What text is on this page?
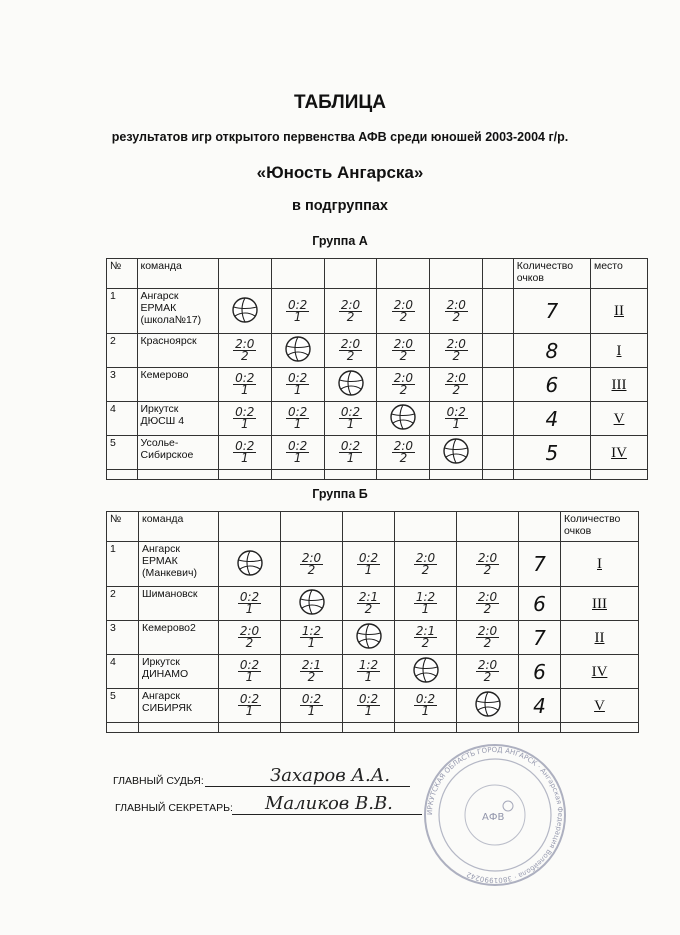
ТАБЛИЦА
результатов игр открытого первенства АФВ среди юношей 2003-2004 г/р.
«Юность Ангарска»
в подгруппах
Группа А
№	команда							Количество очков	место
1	Ангарск ЕРМАК (школа№17)		$\frac{0:2}{1}$	$\frac{2:0}{2}$	$\frac{2:0}{2}$	$\frac{2:0}{2}$		7	II
2	Красноярск	$\frac{2:0}{2}$		$\frac{2:0}{2}$	$\frac{2:0}{2}$	$\frac{2:0}{2}$		8	I
3	Кемерово	$\frac{0:2}{1}$	$\frac{0:2}{1}$		$\frac{2:0}{2}$	$\frac{2:0}{2}$		6	III
4	Иркутск ДЮСШ 4	$\frac{0:2}{1}$	$\frac{0:2}{1}$	$\frac{0:2}{1}$		$\frac{0:2}{1}$		4	V
5	Усолье-Сибирское	$\frac{0:2}{1}$	$\frac{0:2}{1}$	$\frac{0:2}{1}$	$\frac{2:0}{2}$			5	IV

Группа Б
№	команда							Количество очков
1	Ангарск ЕРМАК (Манкевич)		$\frac{2:0}{2}$	$\frac{0:2}{1}$	$\frac{2:0}{2}$	$\frac{2:0}{2}$	7	I
2	Шимановск	$\frac{0:2}{1}$		$\frac{2:1}{2}$	$\frac{1:2}{1}$	$\frac{2:0}{2}$	6	III
3	Кемерово2	$\frac{2:0}{2}$	$\frac{1:2}{1}$		$\frac{2:1}{2}$	$\frac{2:0}{2}$	7	II
4	Иркутск ДИНАМО	$\frac{0:2}{1}$	$\frac{2:1}{2}$	$\frac{1:2}{1}$		$\frac{2:0}{2}$	6	IV
5	Ангарск СИБИРЯК	$\frac{0:2}{1}$	$\frac{0:2}{1}$	$\frac{0:2}{1}$	$\frac{0:2}{1}$		4	V

ГЛАВНЫЙ СУДЬЯ:	Захаров А.А.
ГЛАВНЫЙ СЕКРЕТАРЬ: Маликов В.В.	ИРКУТСКАЯ ОБЛАСТЬ ГОРОД АНГАРСК · Ангарская Федерация Волейбола · 3801990242
АФВ
